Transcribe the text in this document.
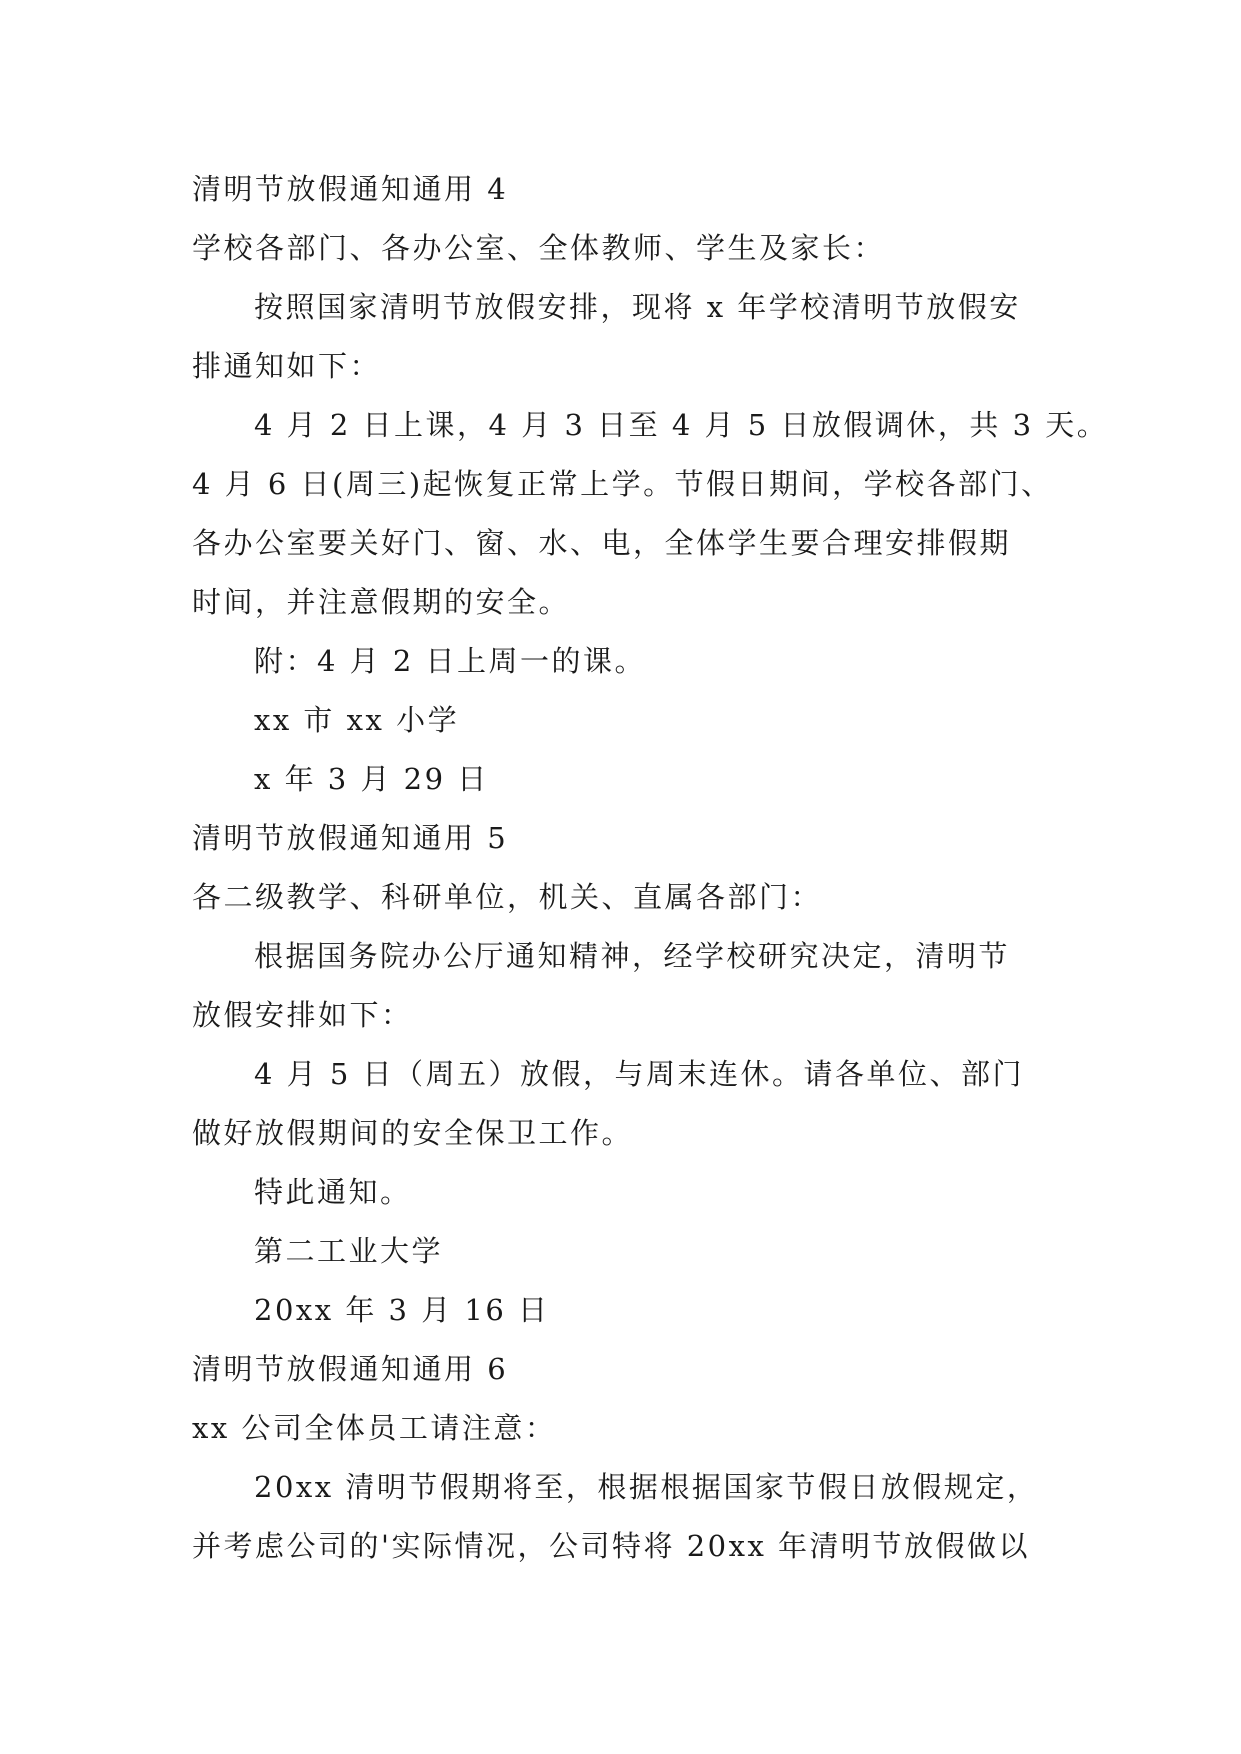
清明节放假通知通用 4

学校各部门、各办公室、全体教师、学生及家长：

按照国家清明节放假安排，现将 x 年学校清明节放假安

排通知如下：

4 月 2 日上课，4 月 3 日至 4 月 5 日放假调休，共 3 天。

4 月 6 日(周三)起恢复正常上学。节假日期间，学校各部门、

各办公室要关好门、窗、水、电，全体学生要合理安排假期

时间，并注意假期的安全。

附：4 月 2 日上周一的课。

xx 市 xx 小学

x 年 3 月 29 日

清明节放假通知通用 5

各二级教学、科研单位，机关、直属各部门：

根据国务院办公厅通知精神，经学校研究决定，清明节

放假安排如下：

4 月 5 日（周五）放假，与周末连休。请各单位、部门

做好放假期间的安全保卫工作。

特此通知。

第二工业大学

20xx 年 3 月 16 日

清明节放假通知通用 6

xx 公司全体员工请注意：

20xx 清明节假期将至，根据根据国家节假日放假规定，

并考虑公司的'实际情况，公司特将 20xx 年清明节放假做以
